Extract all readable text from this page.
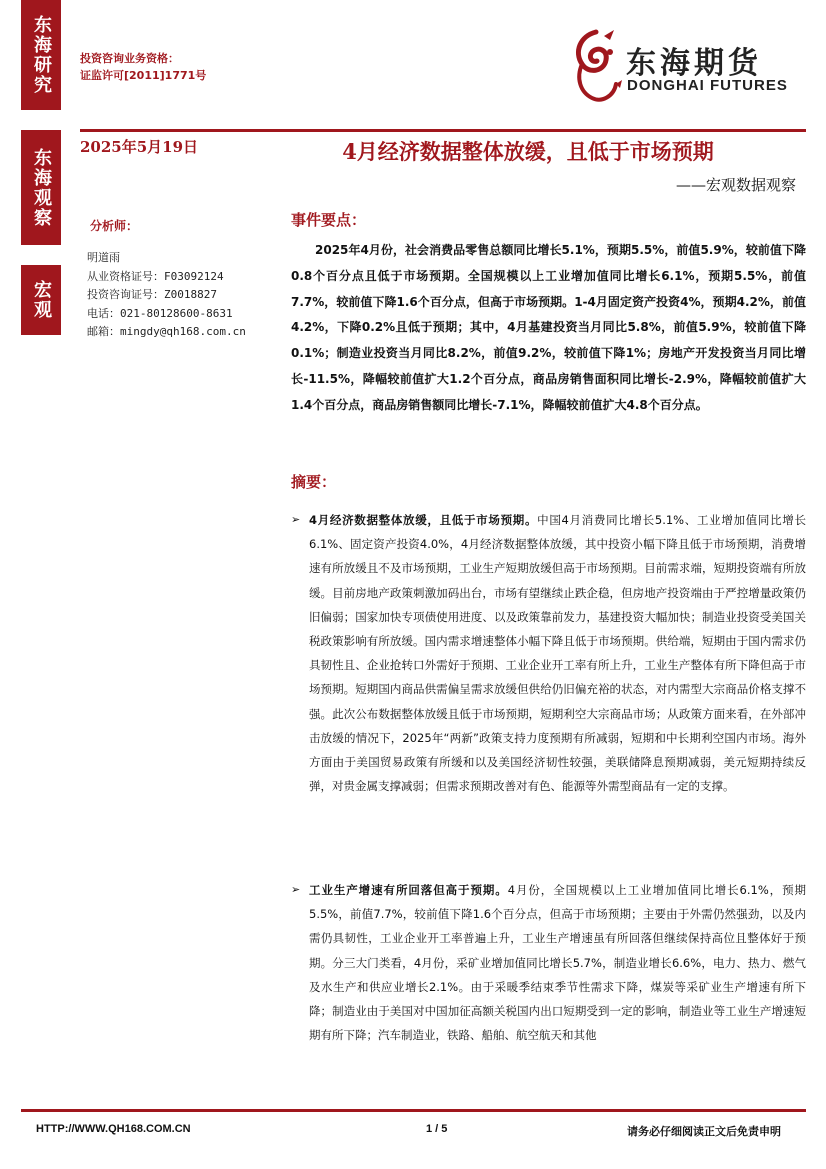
东海研究
东海观察
宏观
投资咨询业务资格：
证监许可[2011]1771号	东海期货
DONGHAI FUTURES
2025年5月19日	4月经济数据整体放缓，且低于市场预期
——宏观数据观察
分析师：
明道雨
从业资格证号：F03092124
投资咨询证号：Z0018827
电话：021-80128600-8631
邮箱：mingdy@qh168.com.cn
事件要点：

2025年4月份，社会消费品零售总额同比增长5.1%，预期5.5%，前值5.9%，较前值下降0.8个百分点且低于市场预期。全国规模以上工业增加值同比增长6.1%，预期5.5%，前值7.7%，较前值下降1.6个百分点，但高于市场预期。1-4月固定资产投资4%，预期4.2%，前值4.2%，下降0.2%且低于预期；其中，4月基建投资当月同比5.8%，前值5.9%，较前值下降0.1%；制造业投资当月同比8.2%，前值9.2%，较前值下降1%；房地产开发投资当月同比增长-11.5%，降幅较前值扩大1.2个百分点，商品房销售面积同比增长-2.9%，降幅较前值扩大1.4个百分点，商品房销售额同比增长-7.1%，降幅较前值扩大4.8个百分点。

摘要：
➢ 4月经济数据整体放缓，且低于市场预期。中国4月消费同比增长5.1%、工业增加值同比增长6.1%、固定资产投资4.0%，4月经济数据整体放缓，其中投资小幅下降且低于市场预期，消费增速有所放缓且不及市场预期，工业生产短期放缓但高于市场预期。目前需求端，短期投资端有所放缓。目前房地产政策刺激加码出台，市场有望继续止跌企稳，但房地产投资端由于严控增量政策仍旧偏弱；国家加快专项债使用进度、以及政策靠前发力，基建投资大幅加快；制造业投资受美国关税政策影响有所放缓。国内需求增速整体小幅下降且低于市场预期。供给端，短期由于国内需求仍具韧性且、企业抢转口外需好于预期、工业企业开工率有所上升，工业生产整体有所下降但高于市场预期。短期国内商品供需偏呈需求放缓但供给仍旧偏充裕的状态，对内需型大宗商品价格支撑不强。此次公布数据整体放缓且低于市场预期，短期利空大宗商品市场；从政策方面来看，在外部冲击放缓的情况下，2025年“两新”政策支持力度预期有所减弱，短期和中长期利空国内市场。海外方面由于美国贸易政策有所缓和以及美国经济韧性较强，美联储降息预期减弱，美元短期持续反弹，对贵金属支撑减弱；但需求预期改善对有色、能源等外需型商品有一定的支撑。
➢ 工业生产增速有所回落但高于预期。4月份，全国规模以上工业增加值同比增长6.1%，预期5.5%，前值7.7%，较前值下降1.6个百分点，但高于市场预期；主要由于外需仍然强劲，以及内需仍具韧性，工业企业开工率普遍上升，工业生产增速虽有所回落但继续保持高位且整体好于预期。分三大门类看，4月份，采矿业增加值同比增长5.7%，制造业增长6.6%，电力、热力、燃气及水生产和供应业增长2.1%。由于采暖季结束季节性需求下降，煤炭等采矿业生产增速有所下降；制造业由于美国对中国加征高额关税国内出口短期受到一定的影响，制造业等工业生产增速短期有所下降；汽车制造业，铁路、船舶、航空航天和其他
HTTP://WWW.QH168.COM.CN	1 / 5	请务必仔细阅读正文后免责申明
